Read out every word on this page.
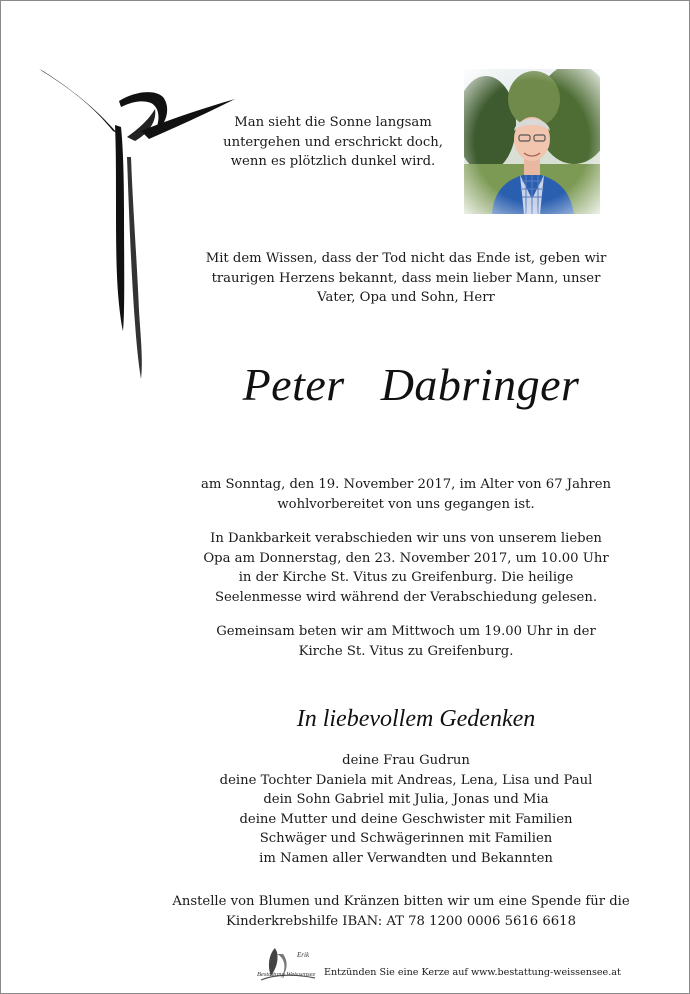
Man sieht die Sonne langsam
untergehen und erschrickt doch,
wenn es plötzlich dunkel wird.
Mit dem Wissen, dass der Tod nicht das Ende ist, geben wir
traurigen Herzens bekannt, dass mein lieber Mann, unser
Vater, Opa und Sohn, Herr
Peter   Dabringer
am Sonntag, den 19. November 2017, im Alter von 67 Jahren
wohlvorbereitet von uns gegangen ist.
In Dankbarkeit verabschieden wir uns von unserem lieben
Opa am Donnerstag, den 23. November 2017, um 10.00 Uhr
in der Kirche St. Vitus zu Greifenburg. Die heilige
Seelenmesse wird während der Verabschiedung gelesen.
Gemeinsam beten wir am Mittwoch um 19.00 Uhr in der
Kirche St. Vitus zu Greifenburg.
In liebevollem Gedenken
deine Frau Gudrun
deine Tochter Daniela mit Andreas, Lena, Lisa und Paul
dein Sohn Gabriel mit Julia, Jonas und Mia
deine Mutter und deine Geschwister mit Familien
Schwäger und Schwägerinnen mit Familien
im Namen aller Verwandten und Bekannten
Anstelle von Blumen und Kränzen bitten wir um eine Spende für die
Kinderkrebshilfe IBAN: AT 78 1200 0006 5616 6618
Erik
Bestattung Weissensee Entzünden Sie eine Kerze auf www.bestattung-weissensee.at
